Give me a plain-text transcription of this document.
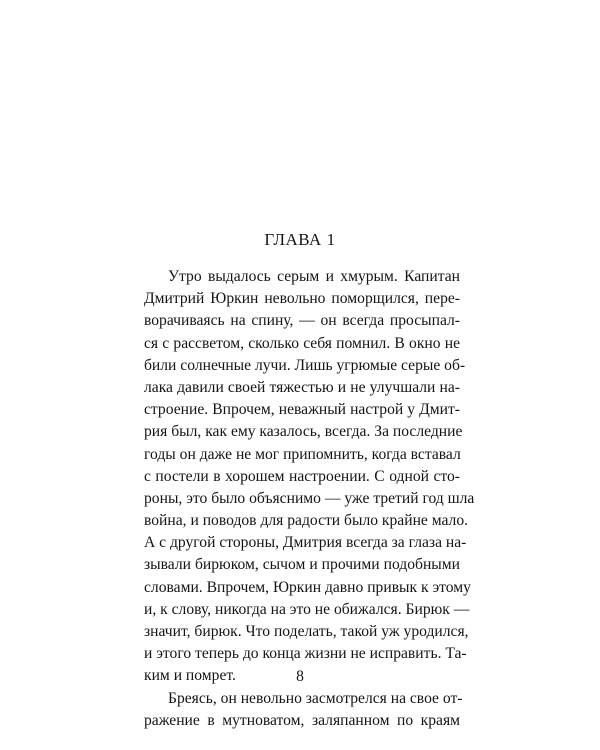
ГЛАВА 1
Утро выдалось серым и хмурым. Капитан
Дмитрий Юркин невольно поморщился, пере-
ворачиваясь на спину, — он всегда просыпал-
ся с рассветом, сколько себя помнил. В окно не
били солнечные лучи. Лишь угрюмые серые об-
лака давили своей тяжестью и не улучшали на-
строение. Впрочем, неважный настрой у Дмит-
рия был, как ему казалось, всегда. За последние
годы он даже не мог припомнить, когда вставал
с постели в хорошем настроении. С одной сто-
роны, это было объяснимо — уже третий год шла
война, и поводов для радости было крайне мало.
А с другой стороны, Дмитрия всегда за глаза на-
зывали бирюком, сычом и прочими подобными
словами. Впрочем, Юркин давно привык к этому
и, к слову, никогда на это не обижался. Бирюк —
значит, бирюк. Что поделать, такой уж уродился,
и этого теперь до конца жизни не исправить. Та-
ким и помрет.
Бреясь, он невольно засмотрелся на свое от-
ражение в мутноватом, заляпанном по краям
8
